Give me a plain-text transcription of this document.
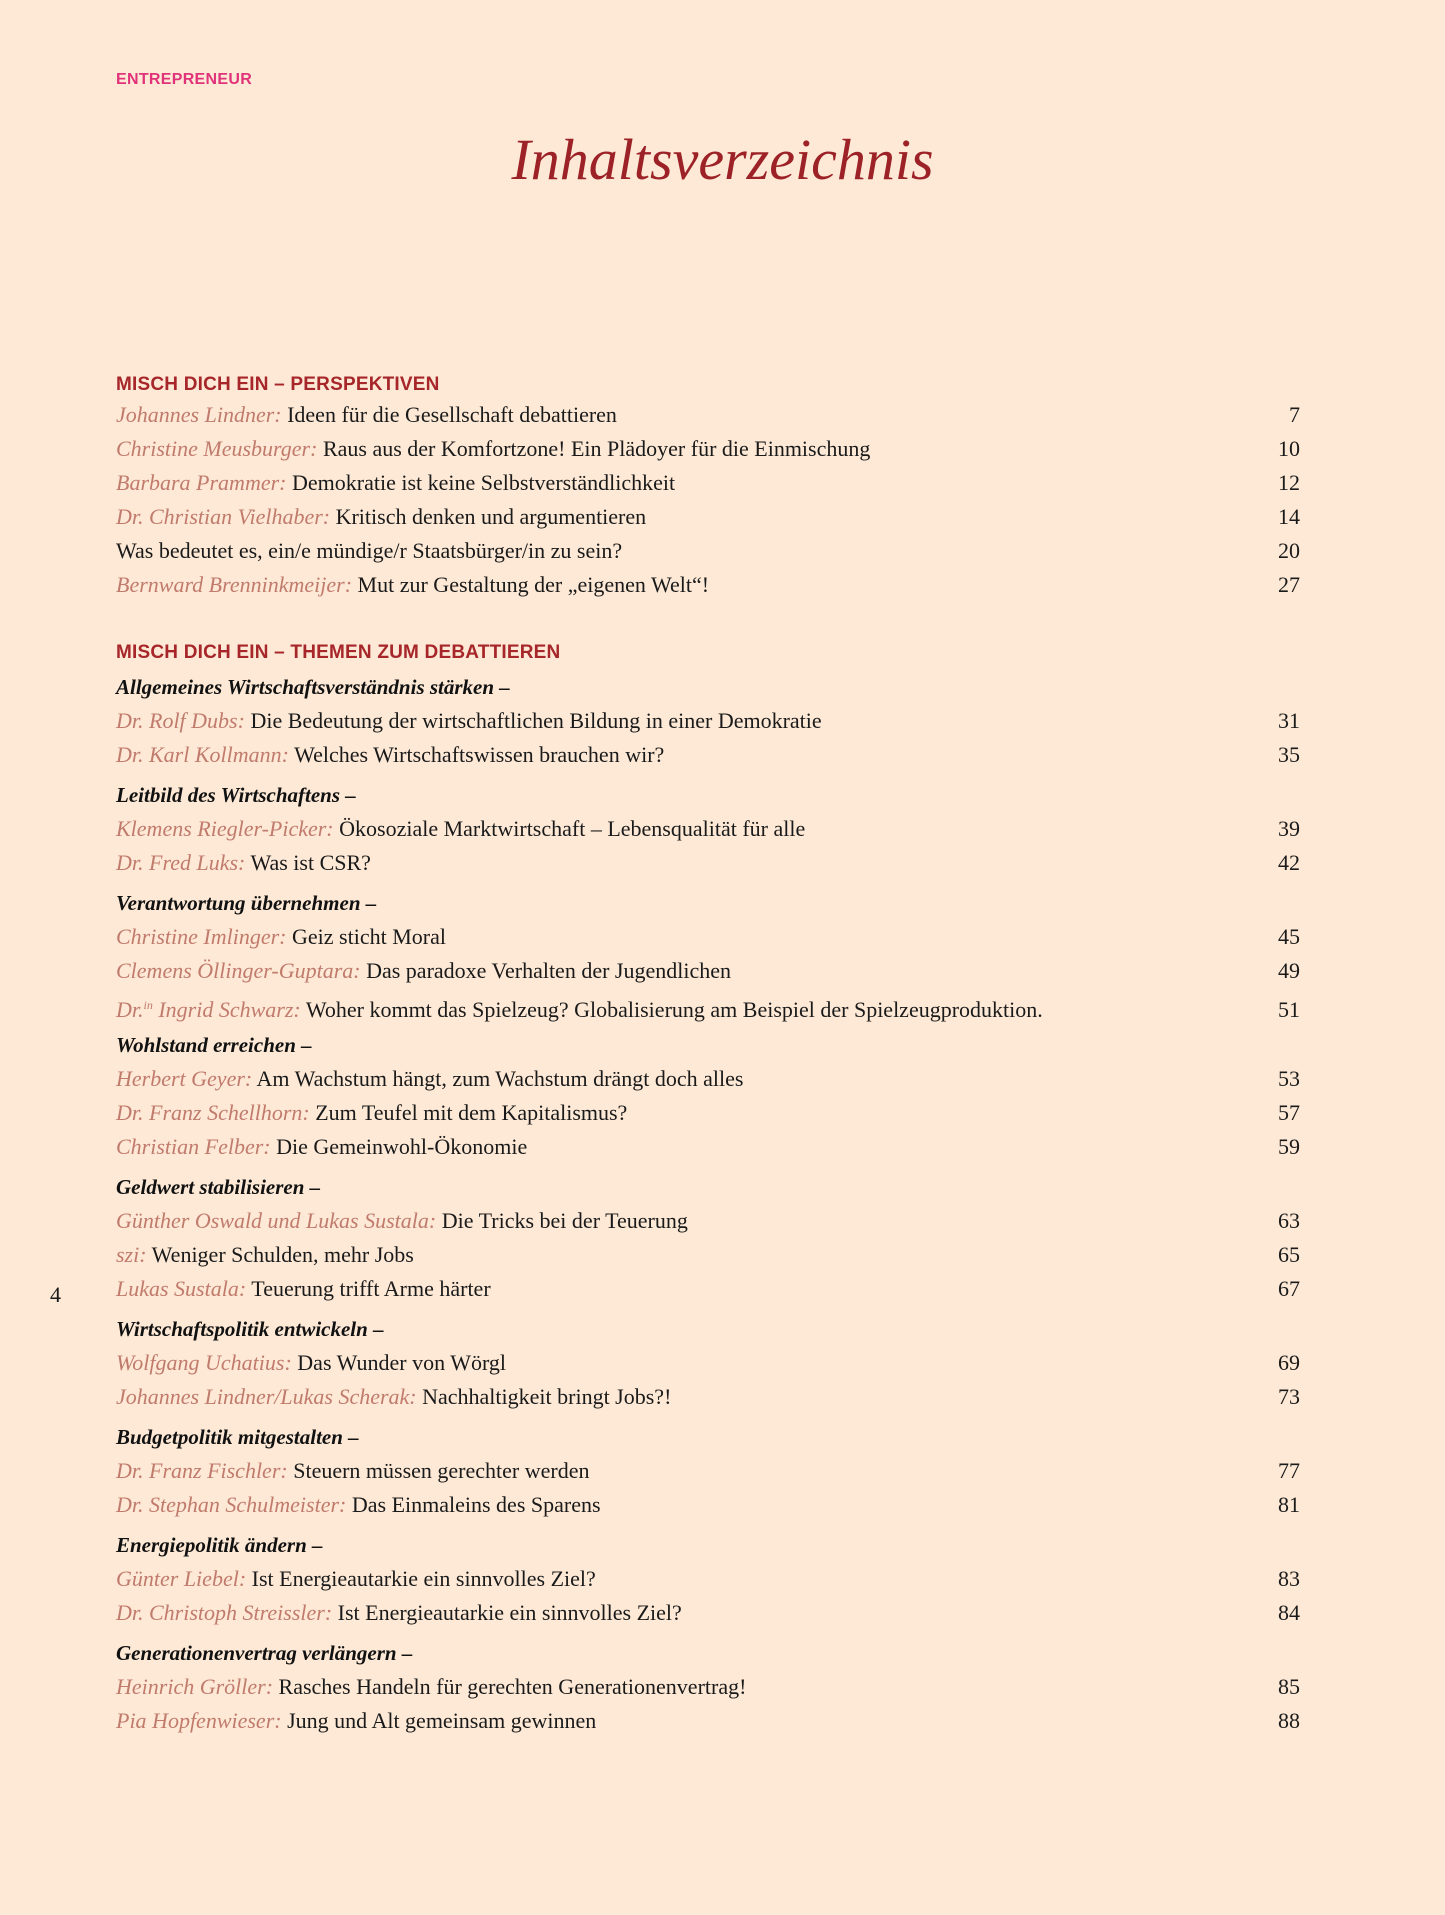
ENTREPRENEUR
Inhaltsverzeichnis
4
MISCH DICH EIN – PERSPEKTIVEN
Johannes Lindner: Ideen für die Gesellschaft debattieren	7
Christine Meusburger: Raus aus der Komfortzone! Ein Plädoyer für die Einmischung	10
Barbara Prammer: Demokratie ist keine Selbstverständlichkeit	12
Dr. Christian Vielhaber: Kritisch denken und argumentieren	14
Was bedeutet es, ein/e mündige/r Staatsbürger/in zu sein?	20
Bernward Brenninkmeijer: Mut zur Gestaltung der „eigenen Welt“!	27
MISCH DICH EIN – THEMEN ZUM DEBATTIEREN
Allgemeines Wirtschaftsverständnis stärken –
Dr. Rolf Dubs: Die Bedeutung der wirtschaftlichen Bildung in einer Demokratie	31
Dr. Karl Kollmann: Welches Wirtschaftswissen brauchen wir?	35
Leitbild des Wirtschaftens –
Klemens Riegler-Picker: Ökosoziale Marktwirtschaft – Lebensqualität für alle	39
Dr. Fred Luks: Was ist CSR?	42
Verantwortung übernehmen –
Christine Imlinger: Geiz sticht Moral	45
Clemens Öllinger-Guptara: Das paradoxe Verhalten der Jugendlichen	49
Dr.$^{in}$ Ingrid Schwarz: Woher kommt das Spielzeug? Globalisierung am Beispiel der Spielzeugproduktion.	51
Wohlstand erreichen –
Herbert Geyer: Am Wachstum hängt, zum Wachstum drängt doch alles	53
Dr. Franz Schellhorn: Zum Teufel mit dem Kapitalismus?	57
Christian Felber: Die Gemeinwohl-Ökonomie	59
Geldwert stabilisieren –
Günther Oswald und Lukas Sustala: Die Tricks bei der Teuerung	63
szi: Weniger Schulden, mehr Jobs	65
Lukas Sustala: Teuerung trifft Arme härter	67
Wirtschaftspolitik entwickeln –
Wolfgang Uchatius: Das Wunder von Wörgl	69
Johannes Lindner/Lukas Scherak: Nachhaltigkeit bringt Jobs?!	73
Budgetpolitik mitgestalten –
Dr. Franz Fischler: Steuern müssen gerechter werden	77
Dr. Stephan Schulmeister: Das Einmaleins des Sparens	81
Energiepolitik ändern –
Günter Liebel: Ist Energieautarkie ein sinnvolles Ziel?	83
Dr. Christoph Streissler: Ist Energieautarkie ein sinnvolles Ziel?	84
Generationenvertrag verlängern –
Heinrich Gröller: Rasches Handeln für gerechten Generationenvertrag!	85
Pia Hopfenwieser: Jung und Alt gemeinsam gewinnen	88
